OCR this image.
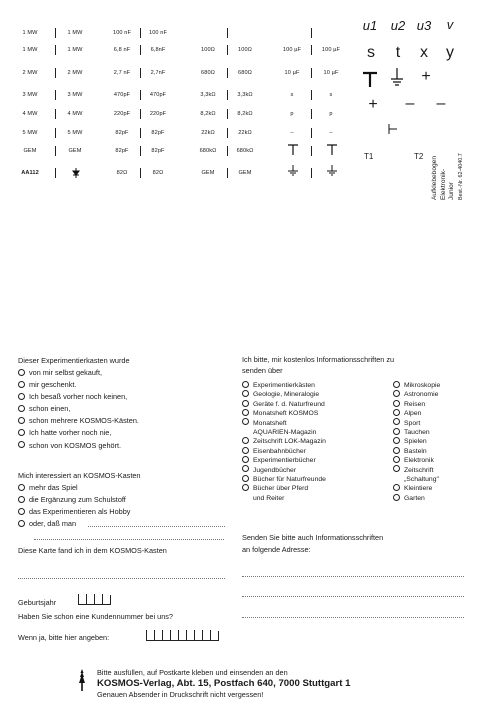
1 MW	1 MW	100 nF	100 nF
1 MW	1 MW	6,8 nF	6,8nF	100Ω	100Ω	100 µF	100 µF
2 MW	2 MW	2,7 nF	2,7nF	680Ω	680Ω	10 µF	10 µF
3 MW	3 MW	470pF	470pF	3,3kΩ	3,3kΩ	s	s
4 MW	4 MW	220pF	220pF	8,2kΩ	8,2kΩ	p	p
5 MW	5 MW	82pF	82pF	22kΩ	22kΩ	–	–
GEM	GEM	82pF	82pF	680kΩ	680kΩ
AA112	82Ω	82Ω	GEM	GEM
u1 u2 u3 v
s t x y
+
+ – –
T1	T2 Aufklebebogen Elektronik- Junior Best.-Nr. 62-4040.7
Dieser Experimentierkasten wurde
von mir selbst gekauft,
mir geschenkt.
Ich besaß vorher noch keinen,
schon einen,
schon mehrere KOSMOS-Kästen.
Ich hatte vorher noch nie,
schon von KOSMOS gehört.
Mich interessiert an KOSMOS-Kasten
mehr das Spiel
die Ergänzung zum Schulstoff
das Experimentieren als Hobby
oder, daß man
Diese Karte fand ich in dem KOSMOS-Kasten
Geburtsjahr
Haben Sie schon eine Kundennummer bei uns?
Wenn ja, bitte hier angeben:
Ich bitte, mir kostenlos Informationsschriften zu
senden über
Experimentierkästen
Geologie, Mineralogie
Geräte f. d. Naturfreund
Monatsheft KOSMOS
Monatsheft
AQUARIEN-Magazin
Zeitschrift LOK-Magazin
Eisenbahnbücher
Experimentierbücher
Jugendbücher
Bücher für Naturfreunde
Bücher über Pferd
und Reiter
Mikroskopie
Astronomie
Reisen
Alpen
Sport
Tauchen
Spielen
Basteln
Elektronik
Zeitschrift
„Schaltung"
Kleintiere
Garten
Senden Sie bitte auch Informationsschriften
an folgende Adresse:
Bitte ausfüllen, auf Postkarte kleben und einsenden an den
KOSMOS-Verlag, Abt. 15, Postfach 640, 7000 Stuttgart 1
Genauen Absender in Druckschrift nicht vergessen!
